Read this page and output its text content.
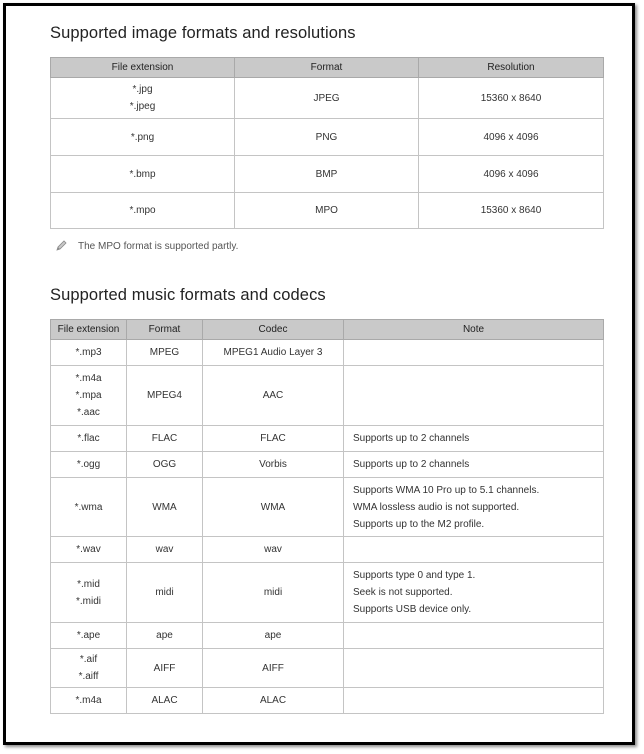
Supported image formats and resolutions
File extension	Format	Resolution

*.jpg
*.jpeg	JPEG	15360 x 8640
*.png	PNG	4096 x 4096
*.bmp	BMP	4096 x 4096
*.mpo	MPO	15360 x 8640
The MPO format is supported partly.
Supported music formats and codecs
File extension	Format	Codec	Note
*.mp3	MPEG	MPEG1 Audio Layer 3	

*.m4a
*.mpa
*.aac	MPEG4	AAC	
*.flac	FLAC	FLAC	Supports up to 2 channels
*.ogg	OGG	Vorbis	Supports up to 2 channels
*.wma	WMA	WMA	Supports WMA 10 Pro up to 5.1 channels.
WMA lossless audio is not supported.
Supports up to the M2 profile.

*.wav	wav	wav	

*.mid
*.midi	midi	midi	Supports type 0 and type 1.
Seek is not supported.
Supports USB device only.

*.ape	ape	ape	

*.aif
*.aiff	AIFF	AIFF	
*.m4a	ALAC	ALAC	
